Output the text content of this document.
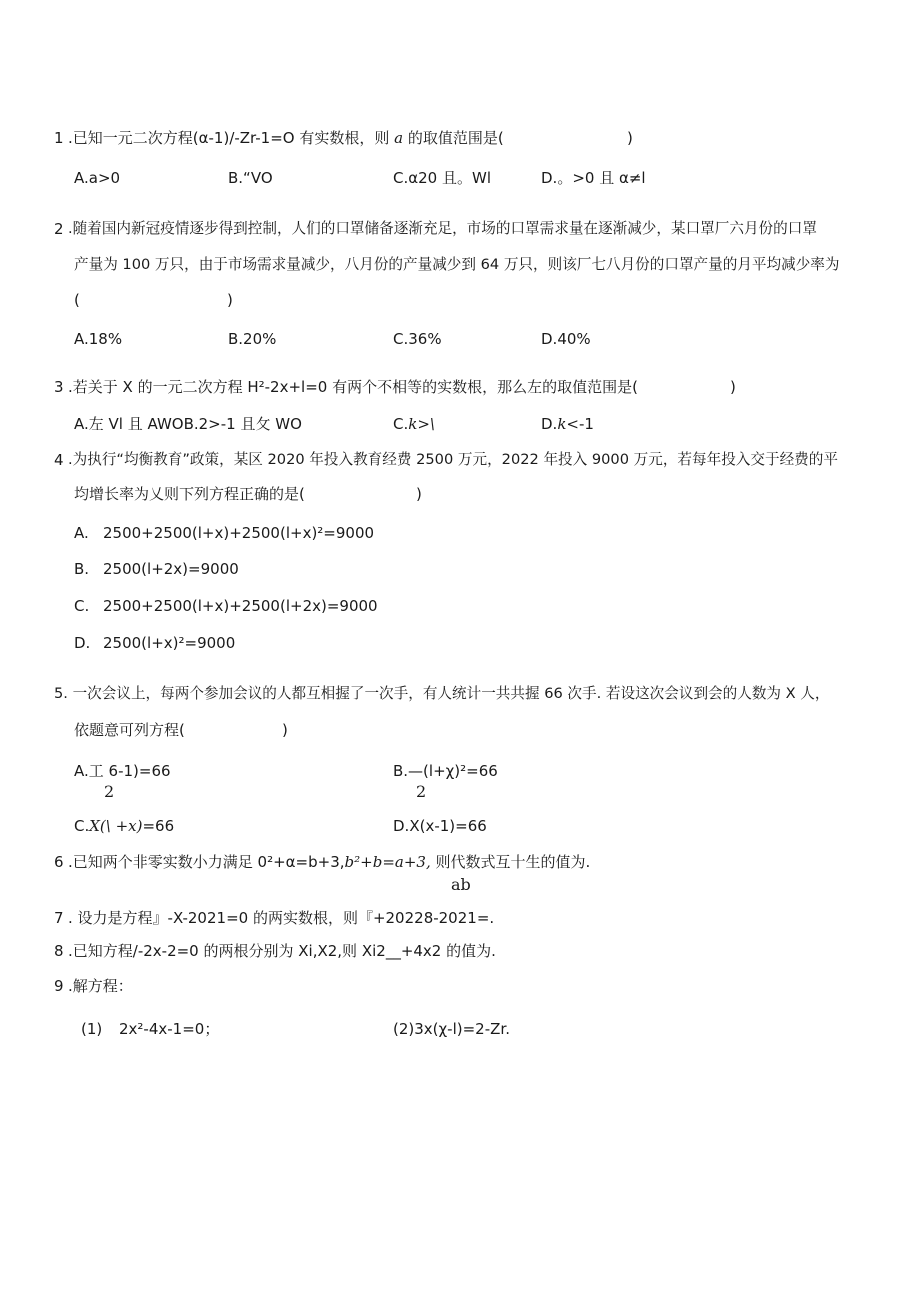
1 .已知一元二次方程(α-1)/-Zr-1=O 有实数根，则 a 的取值范围是(	)
A.a>0	B.“VO	C.α20 且。Wl	D.。>0 且 α≠l
2 .随着国内新冠疫情逐步得到控制，人们的口罩储备逐渐充足，市场的口罩需求量在逐渐减少，某口罩厂六月份的口罩
产量为 100 万只，由于市场需求量减少，八月份的产量减少到 64 万只，则该厂七八月份的口罩产量的月平均减少率为
(	)
A.18%	B.20%	C.36%	D.40%
3 .若关于 X 的一元二次方程 H²-2x+l=0 有两个不相等的实数根，那么左的取值范围是(	)
A.左 Vl 且 AWOB.2>-1 且攵 WO	C.k>\	D.k<-1
4 .为执行“均衡教育”政策，某区 2020 年投入教育经费 2500 万元，2022 年投入 9000 万元，若每年投入交于经费的平
均增长率为乂则下列方程正确的是(	)
A. 2500+2500(l+x)+2500(l+x)²=9000
B. 2500(l+2x)=9000
C. 2500+2500(l+x)+2500(l+2x)=9000
D. 2500(l+x)²=9000
5. 一次会议上，每两个参加会议的人都互相握了一次手，有人统计一共共握 66 次手. 若设这次会议到会的人数为 X 人，
依题意可列方程(	)
A.工 6-1)=66
2
B.—(l+χ)²=66
2
C.X(\ +x)=66	D.X(x-1)=66
6 .已知两个非零实数小力满足 0²+α=b+3,b²+b=a+3, 则代数式互十生的值为.
ab
7 . 设力是方程』-X-2021=0 的两实数根，则『+20228-2021=.
8 .已知方程/-2x-2=0 的两根分别为 Xi,X2,则 Xi2__+4x2 的值为.
9 .解方程：
(1) 2x²-4x-1=0；	(2)3x(χ-l)=2-Zr.
